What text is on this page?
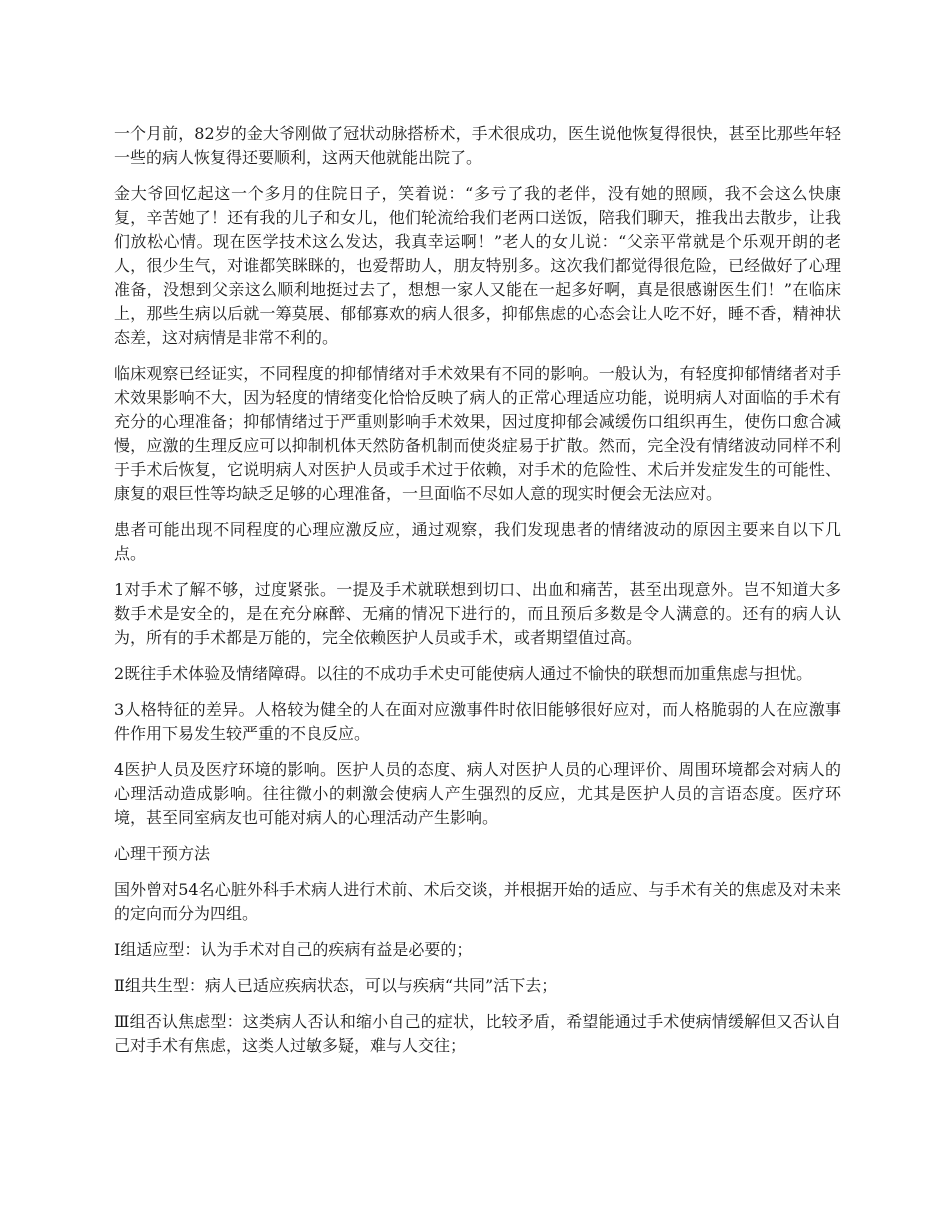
一个月前，82岁的金大爷刚做了冠状动脉搭桥术，手术很成功，医生说他恢复得很快，甚至比那些年轻一些的病人恢复得还要顺利，这两天他就能出院了。

金大爷回忆起这一个多月的住院日子，笑着说：“多亏了我的老伴，没有她的照顾，我不会这么快康复，辛苦她了！还有我的儿子和女儿，他们轮流给我们老两口送饭，陪我们聊天，推我出去散步，让我们放松心情。现在医学技术这么发达，我真幸运啊！”老人的女儿说：“父亲平常就是个乐观开朗的老人，很少生气，对谁都笑眯眯的，也爱帮助人，朋友特别多。这次我们都觉得很危险，已经做好了心理准备，没想到父亲这么顺利地挺过去了，想想一家人又能在一起多好啊，真是很感谢医生们！”在临床上，那些生病以后就一筹莫展、郁郁寡欢的病人很多，抑郁焦虑的心态会让人吃不好，睡不香，精神状态差，这对病情是非常不利的。

临床观察已经证实，不同程度的抑郁情绪对手术效果有不同的影响。一般认为，有轻度抑郁情绪者对手术效果影响不大，因为轻度的情绪变化恰恰反映了病人的正常心理适应功能，说明病人对面临的手术有充分的心理准备；抑郁情绪过于严重则影响手术效果，因过度抑郁会减缓伤口组织再生，使伤口愈合减慢，应激的生理反应可以抑制机体天然防备机制而使炎症易于扩散。然而，完全没有情绪波动同样不利于手术后恢复，它说明病人对医护人员或手术过于依赖，对手术的危险性、术后并发症发生的可能性、康复的艰巨性等均缺乏足够的心理准备，一旦面临不尽如人意的现实时便会无法应对。

患者可能出现不同程度的心理应激反应，通过观察，我们发现患者的情绪波动的原因主要来自以下几点。

1对手术了解不够，过度紧张。一提及手术就联想到切口、出血和痛苦，甚至出现意外。岂不知道大多数手术是安全的，是在充分麻醉、无痛的情况下进行的，而且预后多数是令人满意的。还有的病人认为，所有的手术都是万能的，完全依赖医护人员或手术，或者期望值过高。

2既往手术体验及情绪障碍。以往的不成功手术史可能使病人通过不愉快的联想而加重焦虑与担忧。

3人格特征的差异。人格较为健全的人在面对应激事件时依旧能够很好应对，而人格脆弱的人在应激事件作用下易发生较严重的不良反应。

4医护人员及医疗环境的影响。医护人员的态度、病人对医护人员的心理评价、周围环境都会对病人的心理活动造成影响。往往微小的刺激会使病人产生强烈的反应，尤其是医护人员的言语态度。医疗环境，甚至同室病友也可能对病人的心理活动产生影响。

心理干预方法

国外曾对54名心脏外科手术病人进行术前、术后交谈，并根据开始的适应、与手术有关的焦虑及对未来的定向而分为四组。

Ⅰ组适应型：认为手术对自己的疾病有益是必要的；

Ⅱ组共生型：病人已适应疾病状态，可以与疾病“共同”活下去；

Ⅲ组否认焦虑型：这类病人否认和缩小自己的症状，比较矛盾，希望能通过手术使病情缓解但又否认自己对手术有焦虑，这类人过敏多疑，难与人交往；
